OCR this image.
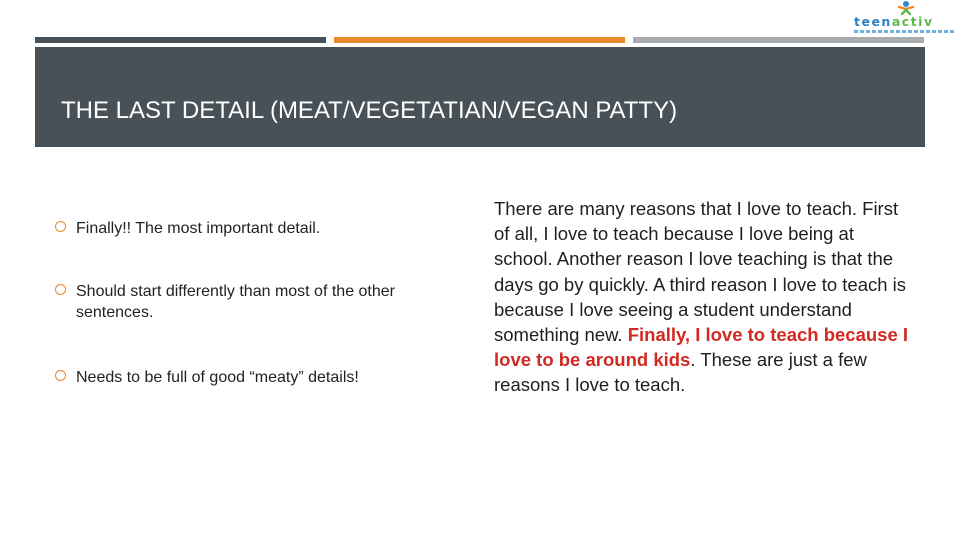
teenactiv
THE LAST DETAIL (MEAT/VEGETATIAN/VEGAN PATTY)
Finally!! The most important detail.
Should start differently than most of the other sentences.
Needs to be full of good “meaty” details!

There are many reasons that I love to teach. First of all, I love to teach because I love being at school. Another reason I love teaching is that the days go by quickly. A third reason I love to teach is because I love seeing a student understand something new. Finally, I love to teach because I love to be around kids. These are just a few reasons I love to teach.
